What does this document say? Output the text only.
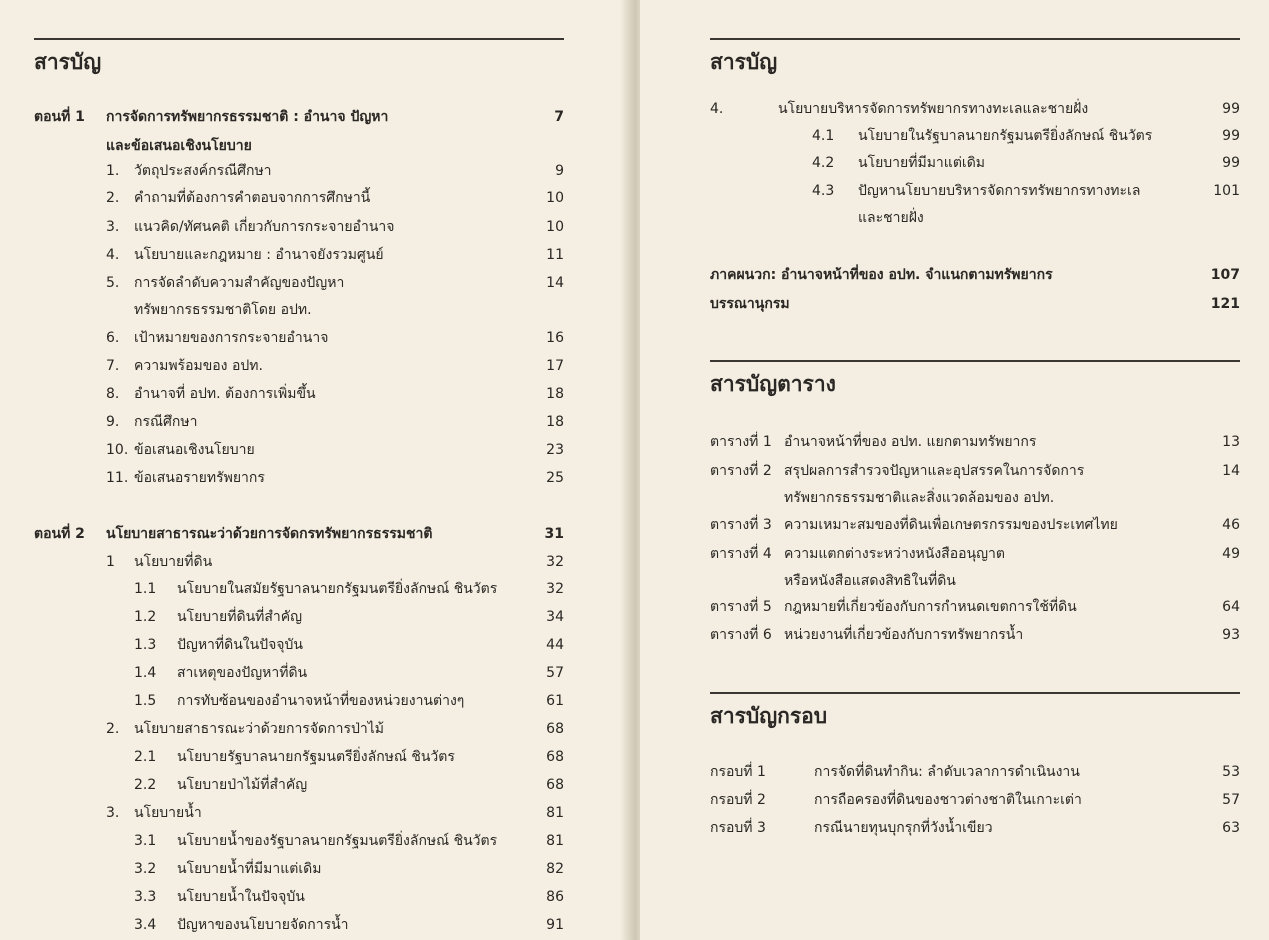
สารบัญ
ตอนที่ 1 การจัดการทรัพยากรธรรมชาติ : อำนาจ ปัญหา	7
และข้อเสนอเชิงนโยบาย
1. วัตถุประสงค์กรณีศึกษา	9
2. คำถามที่ต้องการคำตอบจากการศึกษานี้	10
3. แนวคิด/ทัศนคติ เกี่ยวกับการกระจายอำนาจ	10
4. นโยบายและกฎหมาย : อำนาจยังรวมศูนย์	11
5. การจัดลำดับความสำคัญของปัญหา	14
ทรัพยากรธรรมชาติโดย อปท.
6. เป้าหมายของการกระจายอำนาจ	16
7. ความพร้อมของ อปท.	17
8. อำนาจที่ อปท. ต้องการเพิ่มขึ้น	18
9. กรณีศึกษา	18
10. ข้อเสนอเชิงนโยบาย	23
11. ข้อเสนอรายทรัพยากร	25
ตอนที่ 2 นโยบายสาธารณะว่าด้วยการจัดกรทรัพยากรธรรมชาติ	31
1 นโยบายที่ดิน	32
1.1 นโยบายในสมัยรัฐบาลนายกรัฐมนตรียิ่งลักษณ์ ชินวัตร	32
1.2 นโยบายที่ดินที่สำคัญ	34
1.3 ปัญหาที่ดินในปัจจุบัน	44
1.4 สาเหตุของปัญหาที่ดิน	57
1.5 การทับซ้อนของอำนาจหน้าที่ของหน่วยงานต่างๆ	61
2. นโยบายสาธารณะว่าด้วยการจัดการป่าไม้	68
2.1 นโยบายรัฐบาลนายกรัฐมนตรียิ่งลักษณ์ ชินวัตร	68
2.2 นโยบายป่าไม้ที่สำคัญ	68
3. นโยบายน้ำ	81
3.1 นโยบายน้ำของรัฐบาลนายกรัฐมนตรียิ่งลักษณ์ ชินวัตร	81
3.2 นโยบายน้ำที่มีมาแต่เดิม	82
3.3 นโยบายน้ำในปัจจุบัน	86
3.4 ปัญหาของนโยบายจัดการน้ำ	91
สารบัญ
4.	นโยบายบริหารจัดการทรัพยากรทางทะเลและชายฝั่ง	99
4.1 นโยบายในรัฐบาลนายกรัฐมนตรียิ่งลักษณ์ ชินวัตร	99
4.2 นโยบายที่มีมาแต่เดิม	99
4.3 ปัญหานโยบายบริหารจัดการทรัพยากรทางทะเล	101
และชายฝั่ง
ภาคผนวก: อำนาจหน้าที่ของ อปท. จำแนกตามทรัพยากร	107
บรรณานุกรม	121
สารบัญตาราง
ตารางที่ 1 อำนาจหน้าที่ของ อปท. แยกตามทรัพยากร	13
ตารางที่ 2 สรุปผลการสำรวจปัญหาและอุปสรรคในการจัดการ	14
ทรัพยากรธรรมชาติและสิ่งแวดล้อมของ อปท.
ตารางที่ 3 ความเหมาะสมของที่ดินเพื่อเกษตรกรรมของประเทศไทย	46
ตารางที่ 4 ความแตกต่างระหว่างหนังสืออนุญาต	49
หรือหนังสือแสดงสิทธิในที่ดิน
ตารางที่ 5 กฎหมายที่เกี่ยวข้องกับการกำหนดเขตการใช้ที่ดิน	64
ตารางที่ 6 หน่วยงานที่เกี่ยวข้องกับการทรัพยากรน้ำ	93
สารบัญกรอบ
กรอบที่ 1	การจัดที่ดินทำกิน: ลำดับเวลาการดำเนินงาน	53
กรอบที่ 2	การถือครองที่ดินของชาวต่างชาติในเกาะเต่า	57
กรอบที่ 3	กรณีนายทุนบุกรุกที่วังน้ำเขียว	63
